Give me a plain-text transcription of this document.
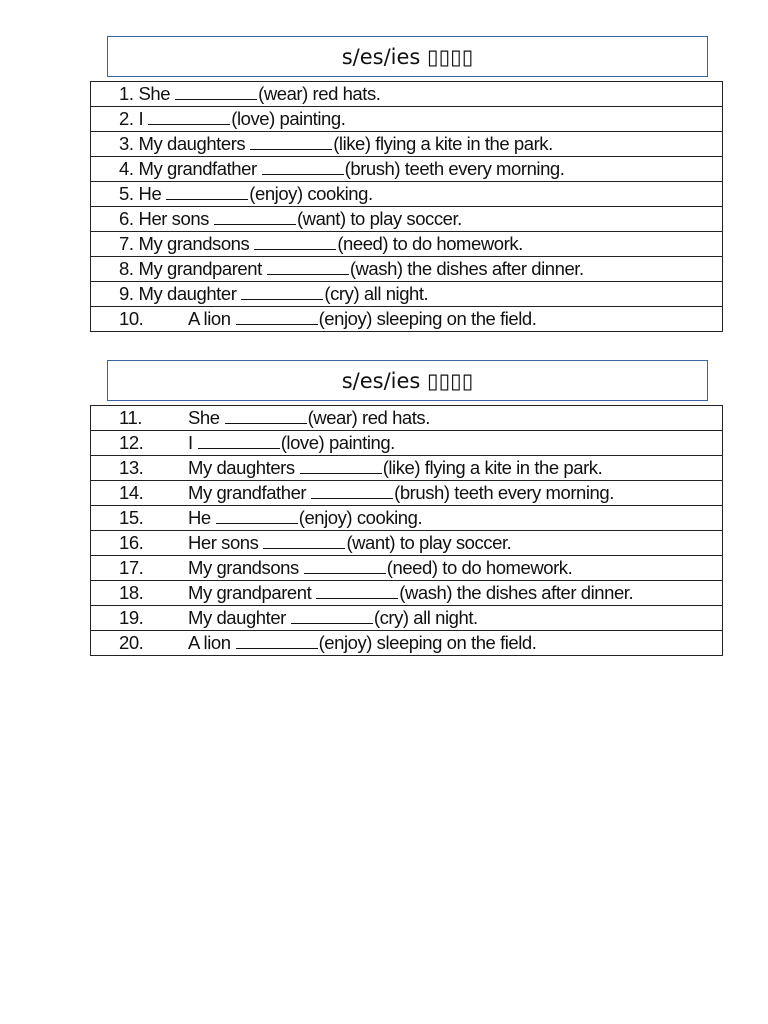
s/es/ies ▯▯▯▯
1. She	(wear) red hats.
2. I	(love) painting.
3. My daughters	(like) flying a kite in the park.
4. My grandfather	(brush) teeth every morning.
5. He	(enjoy) cooking.
6. Her sons	(want) to play soccer.
7. My grandsons	(need) to do homework.
8. My grandparent	(wash) the dishes after dinner.
9. My daughter	(cry) all night.
10. A lion	(enjoy) sleeping on the field.
s/es/ies ▯▯▯▯
11. She	(wear) red hats.
12. I	(love) painting.
13. My daughters	(like) flying a kite in the park.
14. My grandfather	(brush) teeth every morning.
15. He	(enjoy) cooking.
16. Her sons	(want) to play soccer.
17. My grandsons	(need) to do homework.
18. My grandparent	(wash) the dishes after dinner.
19. My daughter	(cry) all night.
20. A lion	(enjoy) sleeping on the field.
